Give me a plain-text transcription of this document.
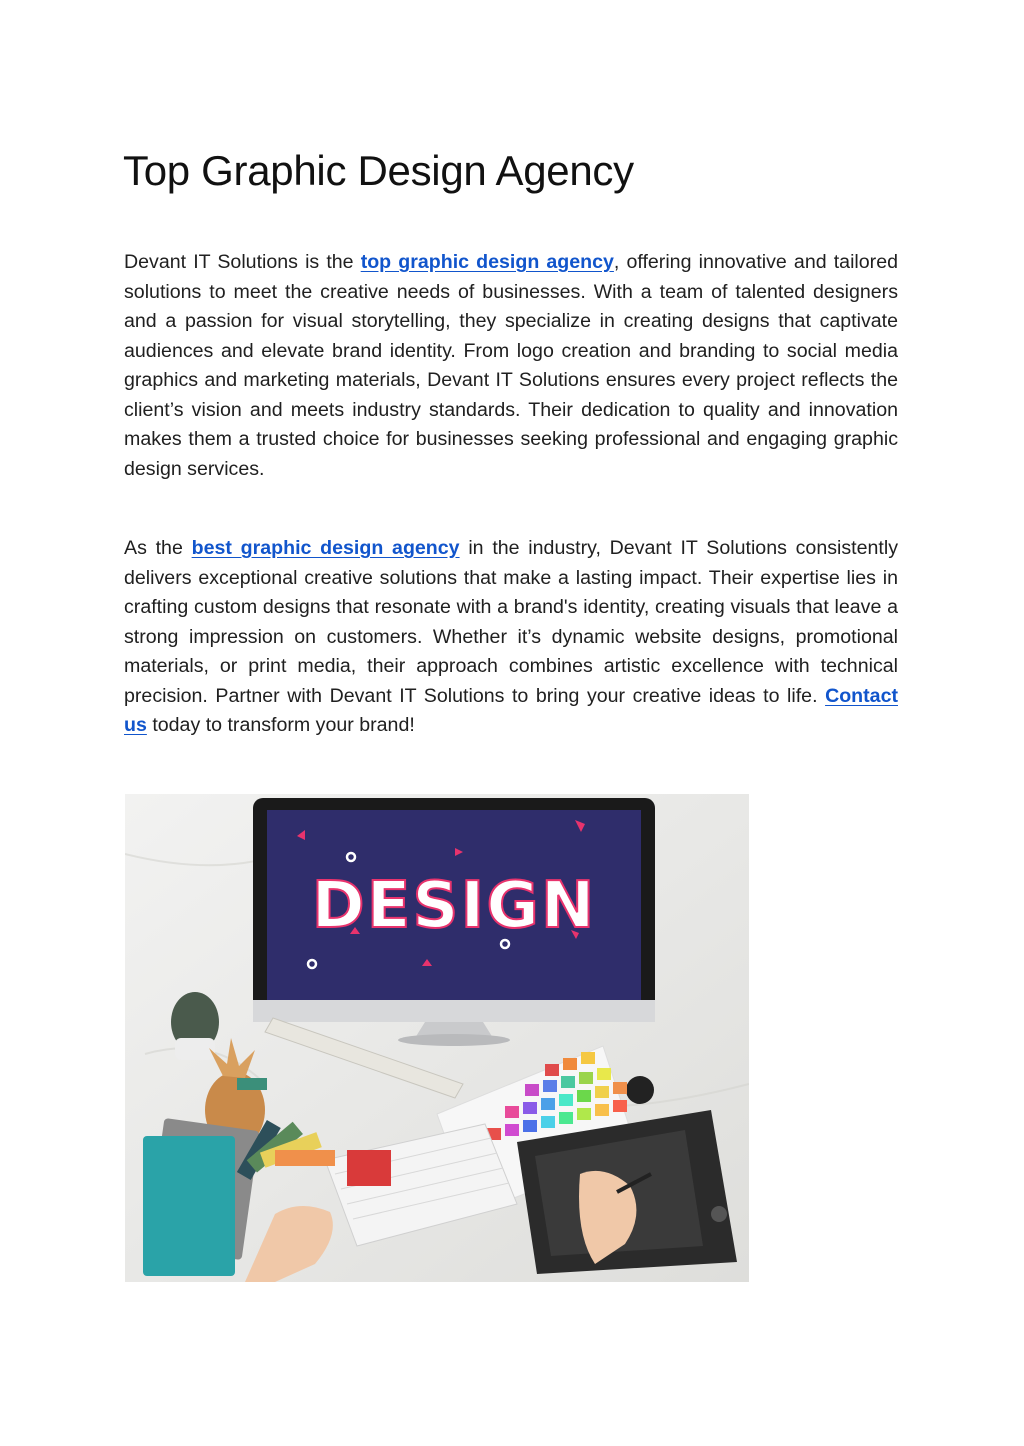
Top Graphic Design Agency

Devant IT Solutions is the top graphic design agency, offering innovative and tailored solutions to meet the creative needs of businesses. With a team of talented designers and a passion for visual storytelling, they specialize in creating designs that captivate audiences and elevate brand identity. From logo creation and branding to social media graphics and marketing materials, Devant IT Solutions ensures every project reflects the client’s vision and meets industry standards. Their dedication to quality and innovation makes them a trusted choice for businesses seeking professional and engaging graphic design services.

As the best graphic design agency in the industry, Devant IT Solutions consistently delivers exceptional creative solutions that make a lasting impact. Their expertise lies in crafting custom designs that resonate with a brand's identity, creating visuals that leave a strong impression on customers. Whether it’s dynamic website designs, promotional materials, or print media, their approach combines artistic excellence with technical precision. Partner with Devant IT Solutions to bring your creative ideas to life. Contact us today to transform your brand!

DESIGN
